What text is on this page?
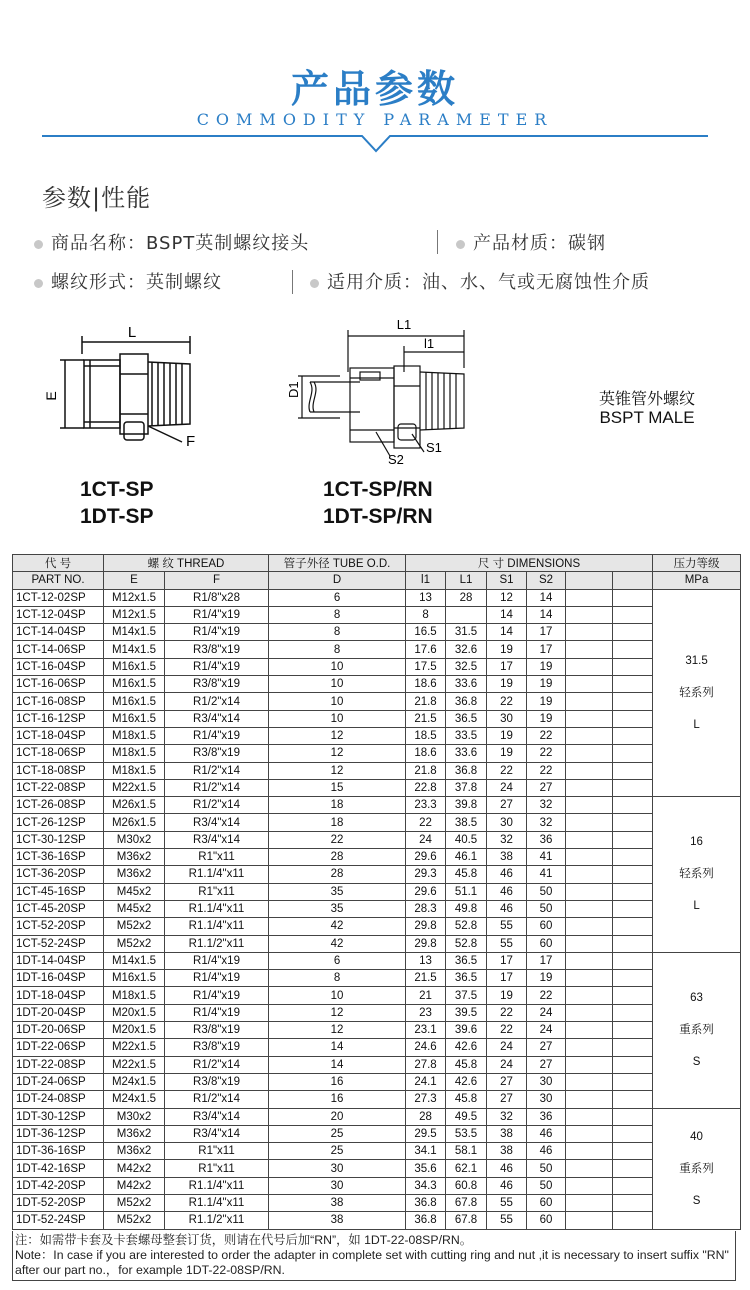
产品参数
COMMODITY PARAMETER
参数|性能
商品名称：BSPT英制螺纹接头	产品材质：碳钢
螺纹形式：英制螺纹	适用介质：油、水、气或无腐蚀性介质
L
E
F
L1
l1
D1
S1
S2
1CT-SP
1DT-SP
1CT-SP/RN
1DT-SP/RN
英锥管外螺纹
BSPT MALE
代 号	螺 纹 THREAD		管子外径 TUBE O.D.	尺 寸 DIMENSIONS						压力等级
PART NO.	E	F	D	l1	L1	S1	S2			MPa
1CT-12-02SP	M12x1.5	R1/8"x28	6	13	28	12	14			31.5
轻系列
L

1CT-12-04SP	M12x1.5	R1/4"x19	8	8		14	14			
1CT-14-04SP	M14x1.5	R1/4"x19	8	16.5	31.5	14	17			
1CT-14-06SP	M14x1.5	R3/8"x19	8	17.6	32.6	19	17			
1CT-16-04SP	M16x1.5	R1/4"x19	10	17.5	32.5	17	19			
1CT-16-06SP	M16x1.5	R3/8"x19	10	18.6	33.6	19	19			
1CT-16-08SP	M16x1.5	R1/2"x14	10	21.8	36.8	22	19			
1CT-16-12SP	M16x1.5	R3/4"x14	10	21.5	36.5	30	19			
1CT-18-04SP	M18x1.5	R1/4"x19	12	18.5	33.5	19	22			
1CT-18-06SP	M18x1.5	R3/8"x19	12	18.6	33.6	19	22			
1CT-18-08SP	M18x1.5	R1/2"x14	12	21.8	36.8	22	22			
1CT-22-08SP	M22x1.5	R1/2"x14	15	22.8	37.8	24	27			
1CT-26-08SP	M26x1.5	R1/2"x14	18	23.3	39.8	27	32			16
轻系列
L

1CT-26-12SP	M26x1.5	R3/4"x14	18	22	38.5	30	32			
1CT-30-12SP	M30x2	R3/4"x14	22	24	40.5	32	36			
1CT-36-16SP	M36x2	R1"x11	28	29.6	46.1	38	41			
1CT-36-20SP	M36x2	R1.1/4"x11	28	29.3	45.8	46	41			
1CT-45-16SP	M45x2	R1"x11	35	29.6	51.1	46	50			
1CT-45-20SP	M45x2	R1.1/4"x11	35	28.3	49.8	46	50			
1CT-52-20SP	M52x2	R1.1/4"x11	42	29.8	52.8	55	60			
1CT-52-24SP	M52x2	R1.1/2"x11	42	29.8	52.8	55	60			
1DT-14-04SP	M14x1.5	R1/4"x19	6	13	36.5	17	17			63
重系列
S

1DT-16-04SP	M16x1.5	R1/4"x19	8	21.5	36.5	17	19			
1DT-18-04SP	M18x1.5	R1/4"x19	10	21	37.5	19	22			
1DT-20-04SP	M20x1.5	R1/4"x19	12	23	39.5	22	24			
1DT-20-06SP	M20x1.5	R3/8"x19	12	23.1	39.6	22	24			
1DT-22-06SP	M22x1.5	R3/8"x19	14	24.6	42.6	24	27			
1DT-22-08SP	M22x1.5	R1/2"x14	14	27.8	45.8	24	27			
1DT-24-06SP	M24x1.5	R3/8"x19	16	24.1	42.6	27	30			
1DT-24-08SP	M24x1.5	R1/2"x14	16	27.3	45.8	27	30			
1DT-30-12SP	M30x2	R3/4"x14	20	28	49.5	32	36			40
重系列
S

1DT-36-12SP	M36x2	R3/4"x14	25	29.5	53.5	38	46			
1DT-36-16SP	M36x2	R1"x11	25	34.1	58.1	38	46			
1DT-42-16SP	M42x2	R1"x11	30	35.6	62.1	46	50			
1DT-42-20SP	M42x2	R1.1/4"x11	30	34.3	60.8	46	50			
1DT-52-20SP	M52x2	R1.1/4"x11	38	36.8	67.8	55	60			
1DT-52-24SP	M52x2	R1.1/2"x11	38	36.8	67.8	55	60			
注：如需带卡套及卡套螺母整套订货，则请在代号后加“RN”，如 1DT-22-08SP/RN。
Note：In case if you are interested to order the adapter in complete set with cutting ring and nut ,it is necessary to insert suffix "RN" after our part no.，for example 1DT-22-08SP/RN.
